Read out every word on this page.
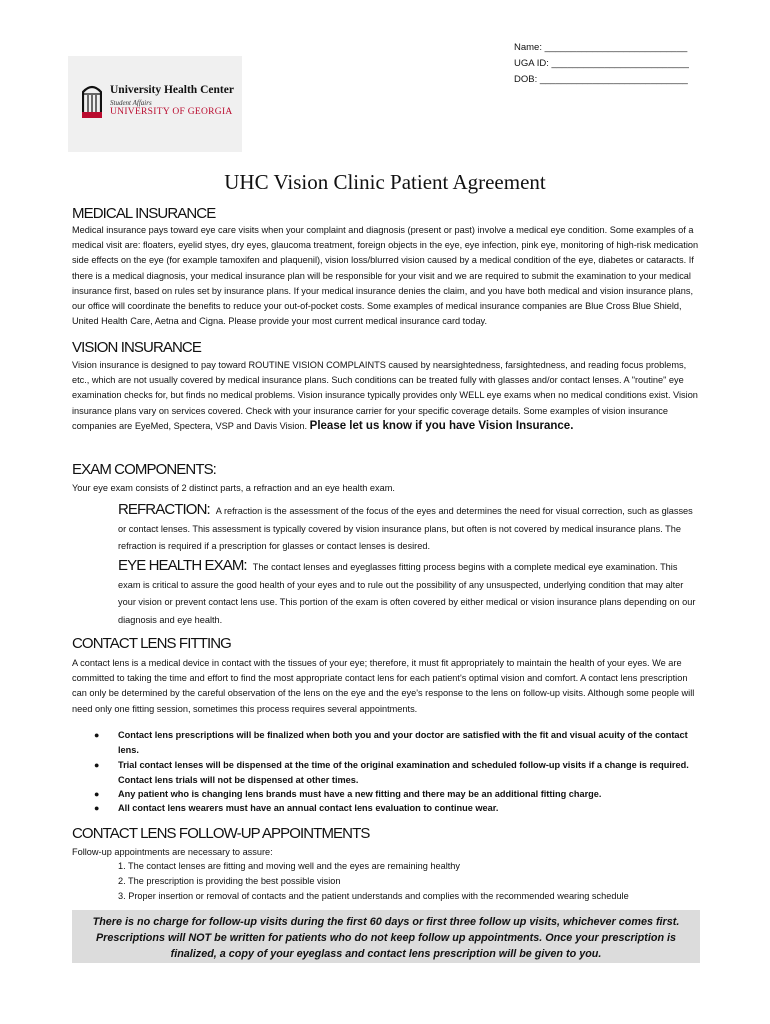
Name: ___________________________
UGA ID: __________________________
DOB: ____________________________
University Health Center
Student Affairs
UNIVERSITY OF GEORGIA
UHC Vision Clinic Patient Agreement
MEDICAL INSURANCE
Medical insurance pays toward eye care visits when your complaint and diagnosis (present or past) involve a medical eye condition. Some examples of a medical visit are: floaters, eyelid styes, dry eyes, glaucoma treatment, foreign objects in the eye, eye infection, pink eye, monitoring of high-risk medication side effects on the eye (for example tamoxifen and plaquenil), vision loss/blurred vision caused by a medical condition of the eye, diabetes or cataracts. If there is a medical diagnosis, your medical insurance plan will be responsible for your visit and we are required to submit the examination to your medical insurance first, based on rules set by insurance plans. If your medical insurance denies the claim, and you have both medical and vision insurance plans, our office will coordinate the benefits to reduce your out-of-pocket costs. Some examples of medical insurance companies are Blue Cross Blue Shield, United Health Care, Aetna and Cigna. Please provide your most current medical insurance card today.
VISION INSURANCE
Vision insurance is designed to pay toward ROUTINE VISION COMPLAINTS caused by nearsightedness, farsightedness, and reading focus problems, etc., which are not usually covered by medical insurance plans. Such conditions can be treated fully with glasses and/or contact lenses. A "routine" eye examination checks for, but finds no medical problems. Vision insurance typically provides only WELL eye exams when no medical conditions exist. Vision insurance plans vary on services covered. Check with your insurance carrier for your specific coverage details. Some examples of vision insurance companies are EyeMed, Spectera, VSP and Davis Vision. Please let us know if you have Vision Insurance.
EXAM COMPONENTS:
Your eye exam consists of 2 distinct parts, a refraction and an eye health exam.
REFRACTION: A refraction is the assessment of the focus of the eyes and determines the need for visual correction, such as glasses or contact lenses. This assessment is typically covered by vision insurance plans, but often is not covered by medical insurance plans. The refraction is required if a prescription for glasses or contact lenses is desired.
EYE HEALTH EXAM: The contact lenses and eyeglasses fitting process begins with a complete medical eye examination. This exam is critical to assure the good health of your eyes and to rule out the possibility of any unsuspected, underlying condition that may alter your vision or prevent contact lens use. This portion of the exam is often covered by either medical or vision insurance plans depending on our diagnosis and eye health.
CONTACT LENS FITTING
A contact lens is a medical device in contact with the tissues of your eye; therefore, it must fit appropriately to maintain the health of your eyes. We are committed to taking the time and effort to find the most appropriate contact lens for each patient's optimal vision and comfort. A contact lens prescription can only be determined by the careful observation of the lens on the eye and the eye's response to the lens on follow-up visits. Although some people will need only one fitting session, sometimes this process requires several appointments.
● Contact lens prescriptions will be finalized when both you and your doctor are satisfied with the fit and visual acuity of the contact lens.
● Trial contact lenses will be dispensed at the time of the original examination and scheduled follow-up visits if a change is required. Contact lens trials will not be dispensed at other times.
● Any patient who is changing lens brands must have a new fitting and there may be an additional fitting charge.
● All contact lens wearers must have an annual contact lens evaluation to continue wear.
CONTACT LENS FOLLOW-UP APPOINTMENTS
Follow-up appointments are necessary to assure:
1. The contact lenses are fitting and moving well and the eyes are remaining healthy
2. The prescription is providing the best possible vision
3. Proper insertion or removal of contacts and the patient understands and complies with the recommended wearing schedule
There is no charge for follow-up visits during the first 60 days or first three follow up visits, whichever comes first. Prescriptions will NOT be written for patients who do not keep follow up appointments. Once your prescription is finalized, a copy of your eyeglass and contact lens prescription will be given to you.
